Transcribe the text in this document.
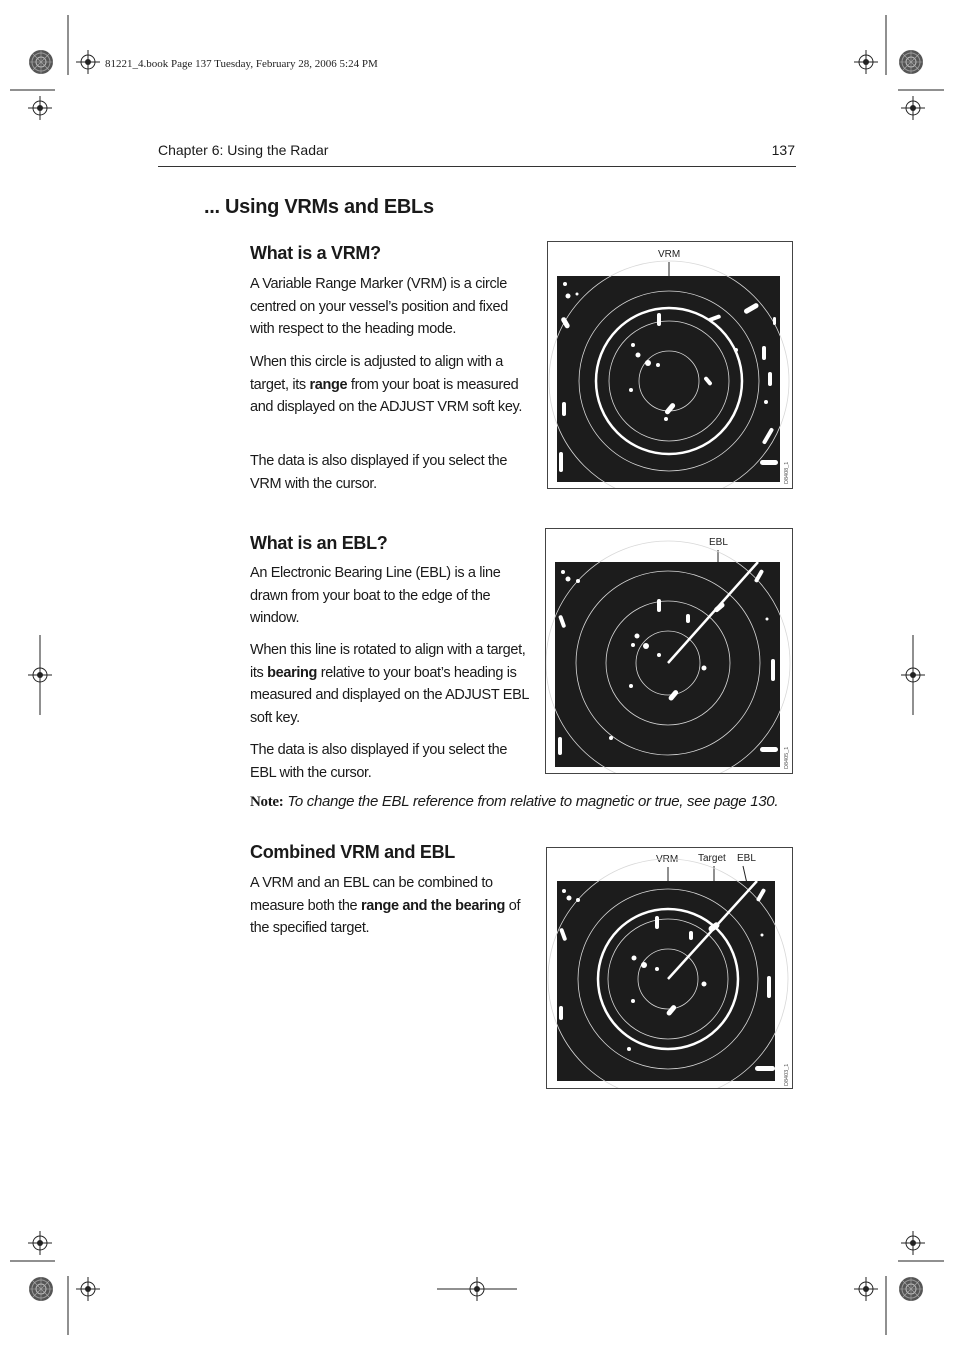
81221_4.book Page 137 Tuesday, February 28, 2006 5:24 PM
Chapter 6: Using the Radar	137
... Using VRMs and EBLs
What is a VRM?

A Variable Range Marker (VRM) is a circle centred on your vessel’s position and fixed with respect to the heading mode.

When this circle is adjusted to align with a target, its range from your boat is measured and displayed on the ADJUST VRM soft key.

The data is also displayed if you select the VRM with the cursor.

What is an EBL?

An Electronic Bearing Line (EBL) is a line drawn from your boat to the edge of the window.

When this line is rotated to align with a target, its bearing relative to your boat’s heading is measured and displayed on the ADJUST EBL soft key.

The data is also displayed if you select the EBL with the cursor.

Note: To change the EBL reference from relative to magnetic or true, see page 130.
Combined VRM and EBL

A VRM and an EBL can be combined to measure both the range and the bearing of the specified target.

VRM
D8408_1
EBL
D8405_1
VRM Target EBL
D8403_1
